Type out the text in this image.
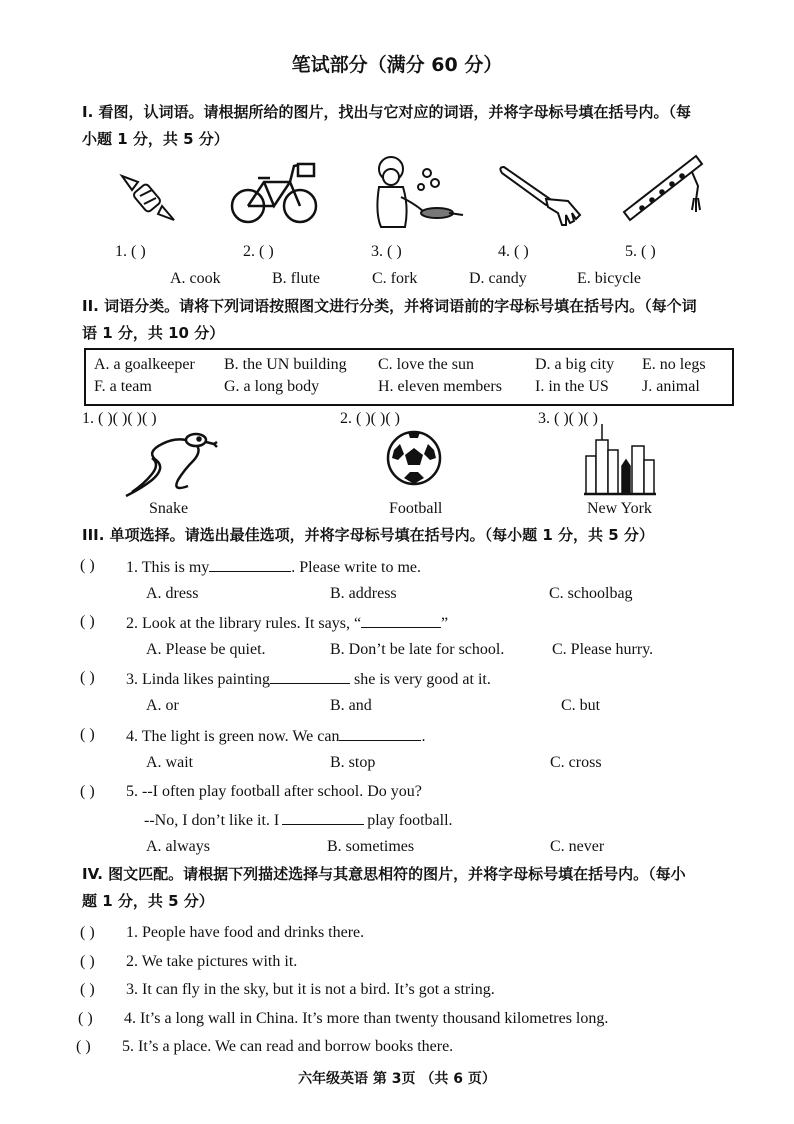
笔试部分（满分 60 分）
I. 看图，认词语。请根据所给的图片，找出与它对应的词语，并将字母标号填在括号内。（每
小题 1 分，共 5 分）
1. ( )	2. ( )	3. ( )	4. ( )	5. ( )
A. cook	B. flute	C. fork	D. candy	E. bicycle
II. 词语分类。请将下列词语按照图文进行分类，并将词语前的字母标号填在括号内。（每个词
语 1 分，共 10 分）
A. a goalkeeper B. the UN building C. love the sun	D. a big city E. no legs
F. a team	G. a long body	H. eleven members I. in the US J. animal
1. ( )( )( )( )	2. ( )( )( )	3. ( )( )( )
Snake	Football	New York
III. 单项选择。请选出最佳选项，并将字母标号填在括号内。（每小题 1 分，共 5 分）
( ) 1. This is my	. Please write to me.
A. dress	B. address	C. schoolbag
( ) 2. Look at the library rules. It says, “	”
A. Please be quiet.	B. Don’t be late for school.	C. Please hurry.
( ) 3. Linda likes painting	she is very good at it.
A. or	B. and	C. but
( ) 4. The light is green now. We can	.
A. wait	B. stop	C. cross
( ) 5. --I often play football after school. Do you?
--No, I don’t like it. I	play football.
A. always	B. sometimes	C. never
IV. 图文匹配。请根据下列描述选择与其意思相符的图片，并将字母标号填在括号内。（每小
题 1 分，共 5 分）
( ) 1. People have food and drinks there.
( ) 2. We take pictures with it.
( ) 3. It can fly in the sky, but it is not a bird. It’s got a string.
( ) 4. It’s a long wall in China. It’s more than twenty thousand kilometres long.
( ) 5. It’s a place. We can read and borrow books there.
六年级英语 第 3页 （共 6 页）
